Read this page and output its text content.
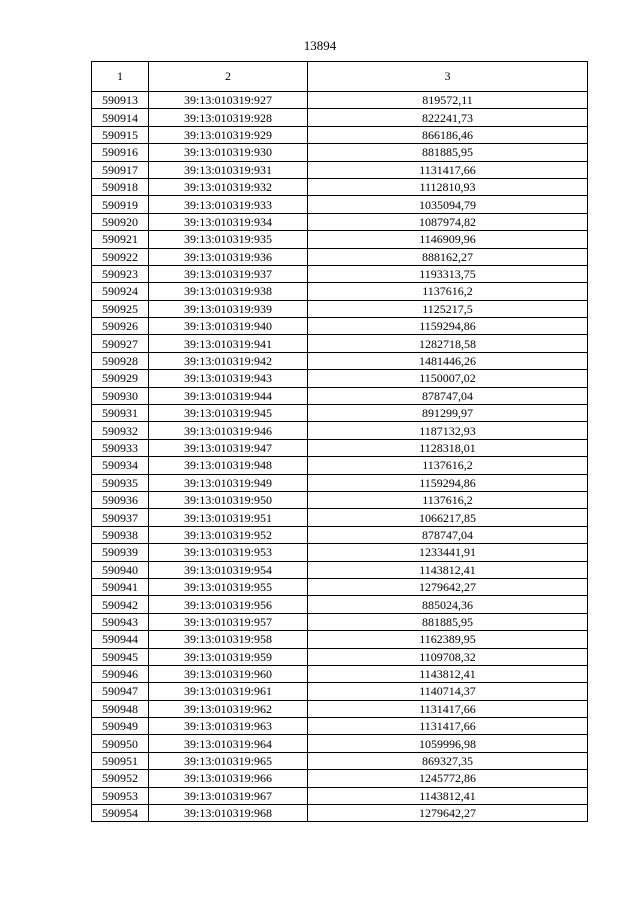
13894
1	2	3
590913	39:13:010319:927	819572,11
590914	39:13:010319:928	822241,73
590915	39:13:010319:929	866186,46
590916	39:13:010319:930	881885,95
590917	39:13:010319:931	1131417,66
590918	39:13:010319:932	1112810,93
590919	39:13:010319:933	1035094,79
590920	39:13:010319:934	1087974,82
590921	39:13:010319:935	1146909,96
590922	39:13:010319:936	888162,27
590923	39:13:010319:937	1193313,75
590924	39:13:010319:938	1137616,2
590925	39:13:010319:939	1125217,5
590926	39:13:010319:940	1159294,86
590927	39:13:010319:941	1282718,58
590928	39:13:010319:942	1481446,26
590929	39:13:010319:943	1150007,02
590930	39:13:010319:944	878747,04
590931	39:13:010319:945	891299,97
590932	39:13:010319:946	1187132,93
590933	39:13:010319:947	1128318,01
590934	39:13:010319:948	1137616,2
590935	39:13:010319:949	1159294,86
590936	39:13:010319:950	1137616,2
590937	39:13:010319:951	1066217,85
590938	39:13:010319:952	878747,04
590939	39:13:010319:953	1233441,91
590940	39:13:010319:954	1143812,41
590941	39:13:010319:955	1279642,27
590942	39:13:010319:956	885024,36
590943	39:13:010319:957	881885,95
590944	39:13:010319:958	1162389,95
590945	39:13:010319:959	1109708,32
590946	39:13:010319:960	1143812,41
590947	39:13:010319:961	1140714,37
590948	39:13:010319:962	1131417,66
590949	39:13:010319:963	1131417,66
590950	39:13:010319:964	1059996,98
590951	39:13:010319:965	869327,35
590952	39:13:010319:966	1245772,86
590953	39:13:010319:967	1143812,41
590954	39:13:010319:968	1279642,27
